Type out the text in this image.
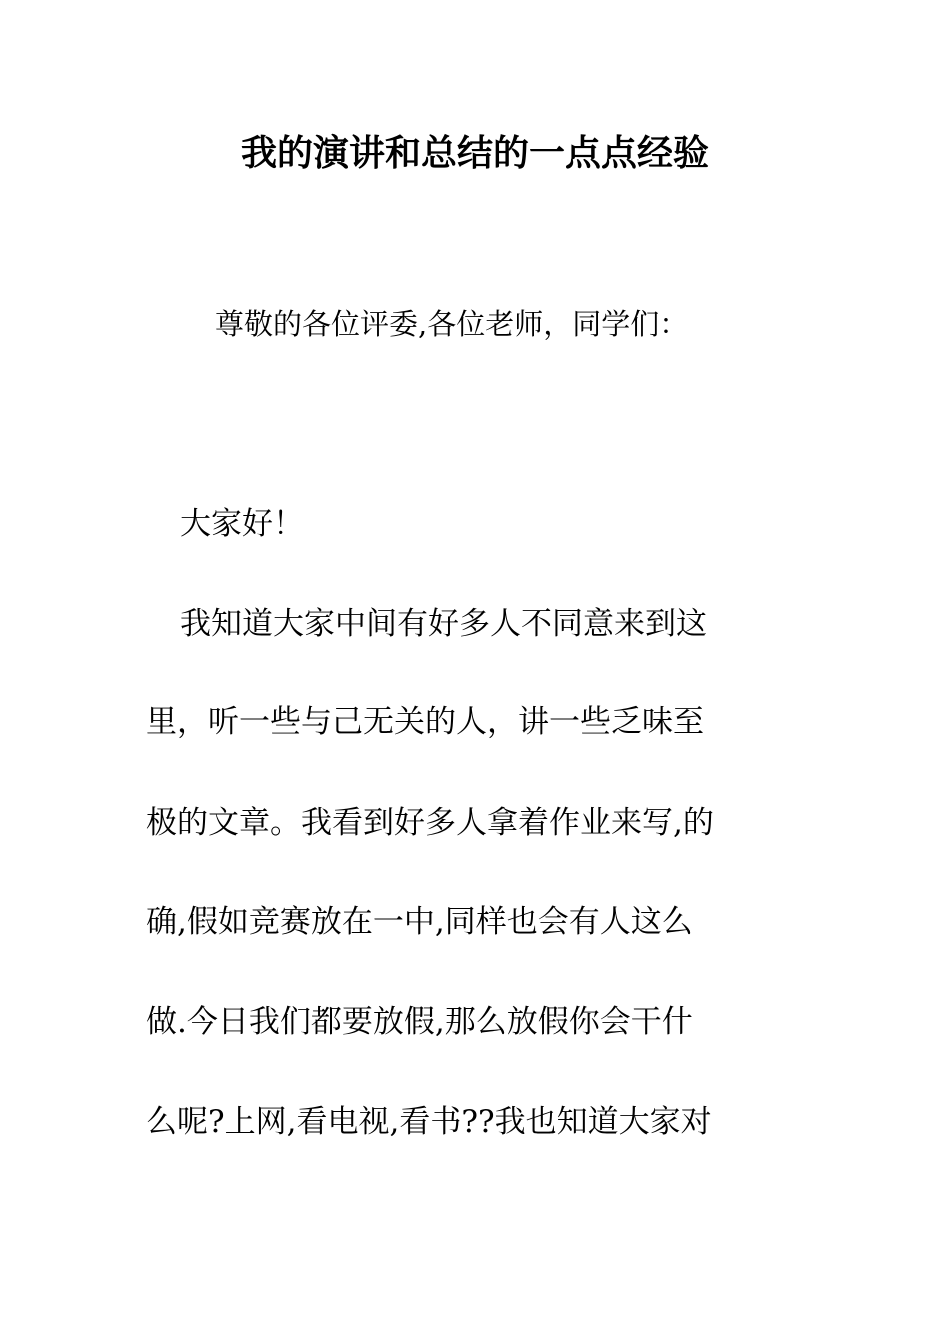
我的演讲和总结的一点点经验

尊敬的各位评委,各位老师，同学们：

大家好！

我知道大家中间有好多人不同意来到这

里，听一些与己无关的人，讲一些乏味至

极的文章。我看到好多人拿着作业来写,的

确,假如竞赛放在一中,同样也会有人这么

做.今日我们都要放假,那么放假你会干什

么呢?上网,看电视,看书??我也知道大家对
